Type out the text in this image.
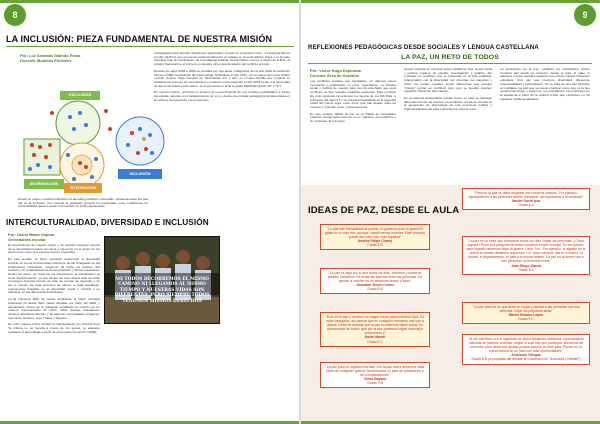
8
LA INCLUSIÓN: PIEZA FUNDAMENTAL DE NUESTRA MISIÓN
Por: Luz Amanda Galindo Rivas
Docente Modelos Flexibles
EXCLUSIÓN
SEGREGACIÓN
INTEGRACIÓN
INCLUSIÓN
Desde su origen, nuestra institución ha atendido población vulnerable, fortaleciéndose día tras día en la inclusión. Aun cuando la población general ha presentado unas condiciones de vulnerabilidad típica o social, han existido en la IE experiencias

pedagógicas para atender situaciones particulares a partir de proyectos como: "La Escuela Busca al niño" (E.B.N.) que promovía fundamentalmente un trabajo en la sede Alberto Pava y en la sede principal, bajo la coordinación de la pedagoga Fabiola Yaneth Núñez Correa. A través de E.B.N., el colegio Nacional fue el primero en atender niños desvinculados del conflicto armado.

Durante los años 2006 a 2008 se contaba con dos aulas multigrados. En el año 2010 la institución asume el MEF Aceleración del Aprendizaje; finalizando el año 2012, con el apoyo del rector Álvaro Lozano Ospina, llega Caminar en Secundaria uno y dos, un modelo flexible que propició se nivelaran los jóvenes de secundaria en condición extra-edad. En el año 2016 frente a la necesidad de dar continuidad a éste último, se implementa en la IE el grado PENSAR (grado 10° y 11°).

En nuestro interés, provocar en jóvenes al reconocimiento de sus propias posibilidades a través del estudio, aportar en el fortalecimiento de su yo, desde una mirada pedagógica fundamentada en la certeza, la esperanza y la proyección.

INTERCULTURALIDAD, DIVERSIDAD E INCLUSIÓN
Por: Diana María Ospina
Orientadora escolar

El conocimiento de nuestro origen y de nuestra evolución acerca de la diversidad humana nos lleva a situarnos en el grupo de los seres vivos como una especie única e irrepetible.

En este sentido, se hace necesario determinar la diversidad cultural, en la que la diversidad cultural se ha ido arraigando en las instituciones educativas, exigiendo de todos los actores una revisión y un replanteamiento de las prácticas y formas educativas. Dentro de estos, por parte de los educadores, la planificación se viene transformando, ya que dentro de esta misma aula de clase convergen diversas formas de vida, de pensar, de aprender y de ver el mundo. Se trata entonces de ofrecer a cada estudiante, experiencias basadas en la diversidad social y cultural y en definitiva, en las diferencias individuales.

La IE Nacional JMO ha venido ampliando la visión inclusiva propuesta ya desde hace varias décadas por parte del MEN, y actualmente dentro de la población estudiantil se cuenta con un número representativo de niños, niñas jóvenes estudiantes. Jóvenes afrodescendientes y de algunas comunidades indígenas: Yanconas, Embera, Inga, Huitos y Wayúus.

De esta manera cobra sentido la manifestación por Francis Ford "la cultura no se hereda a través de los genes, se adquiere mediante el aprendizaje a partir de otros seres humanos" (1992).

NO TODOS RECORREMOS EL MISMO CAMINO NI LLEGAMOS AL MISMO TIEMPO Y NUESTRAS VIDAS SON DIFERENTES, PERO SIEMPRE TODOS TENEMOS MISMOS DERECHOS
9
REFLEXIONES PEDAGÓGICAS DESDE SOCIALES Y LENGUA CASTELLANA
LA PAZ, UN RETO DE TODOS
Por: Víctor Hugo Espinosa
Docente Área de Sociales

Los conflictos sociales son inevitables, en algunos casos necesarios y justificados, en otros "específicos". La historia social y política de nuestro país nos ha enseñado que esos conflictos se han resuelto mediante violencias. Para nombrar las más recientes recordemos La Guerra de los Mil Días, a principios del siglo XX o la violencia bipartidista de la segunda mitad del mismo siglo; entre otros, que han dejado miles de muertos y víctimas, dolor y desesperanza.

En este sentido, hablar de paz no es hablar de sociedades utópicas, donde todos vivimos en un "paraíso" sin conflictos y sin violencia. El concepto

de paz empieza en nuestros actos cotidianos. Paz: la paz social y política requiere de estudio, investigación y análisis. Sin embargo los conflictos que se presentan en la vida cotidiana, relacionados con la diversidad, las minorías, las mayorías y todos los modos sociales tienen diferencias que pueden "chocar" (entrar en conflicto) pero que se pueden resolver mediante diferentes alternativas.

En un sistema democrático existen leyes, en ellas se plantean diferentes formas de resolver los conflictos, donde la escuela es la generación de alternativas de una propuesta política y argumentativamente para enfrentar los nuevos retos.

La generación de la paz, variables los estudiantes, deben construir paz desde su contexto, desde el aula, el patio, la cafetería y todos aquellos espacios que ofrece nuestra institución educativa. Una paz que involucre diversidad, diferencia, responsabilidad y participación. No se trata de una paz perfecta, es cotidiana. La paz que se puede practicar como reto es la que construimos todos y cada uno, los estudiantes. La construyen en la academia a partir de la actitud crítica que cimientan en los espacios institucionalizados.
IDEAS DE PAZ, DESDE EL AULA
"Para mí la paz se debe empezar por nosotros mismos. Por ejemplo, ayudándonos a las personas siendo solidarios, así ayudamos a la sociedad"
Jander David Ipuz
Grado 8 A
"La paz trae tranquilidad al pueblo. El gobierno para la guerra le gasta en lo más rico, aunque, habrá menos muertes. Este proceso puede dar más vida, más equidad"
Andrés Felipe Charry
Grado 8 B
"La paz es algo por lo que todos los días, nosotros y nuestros padres, luchamos. Es evitar las guerras entre las personas. Es ayudar a convivir en un ambiente bueno y sano"
Jhonatan Stiven Cortez
Grado 8 B
"La paz es un valor que formamos todos los días, todas las personas. ¿Cómo logrará? Pues a la pregunta de todos nosotros a nivel mundial. En mi opinión, para lograrlo debemos dejar la guerra. Decir "No". Por ejemplo, si alguien no le ofrece en armas debemos responder "no" para construir paz en el barrio, la ciudad, el departamento, el país y el mundo entero. La paz no la tienen uno o dos personas, la tenemos todos"
Juan Diego García
Grado 8 A
"Esto es la paz y no tener un mayor futuro para nuestros hijos. Es estar tranquilos, sin pensar que en cualquier momento nos van a atacar. Debe de aceptar que la paz la podemos hacer todos, es compromiso de todos, que por la paz podemos lograr una mejor convivencia y"
Karen Muriel
Grado 9 C
"La paz para mí es que tiene un hogar y ayudar a las personas con sus defectos. Dejar los prejuicios atrás"
Martín Erasmo López
Grado 9 C
"La paz para mí significa libertad, con la paz todos debemos estar libres de cualquier guerra. Necesitamos un país de provisiones y sin complicaciones"
Yolira Dayana
Grado 9 B
"Si me identifico con el siguiente de María Alejandra Mahecha, representante nacional de jóvenes víctimas, según el cual hay que participar, liberarnos de rencores, pero debemos ayudar porque cambie en este país. Pienso en la nueva fuerza en un país con más oportunidades"
Anderson Villegas
Grado 8 B (a propósito del debate en Gamma.com "Juventud y Debate")
